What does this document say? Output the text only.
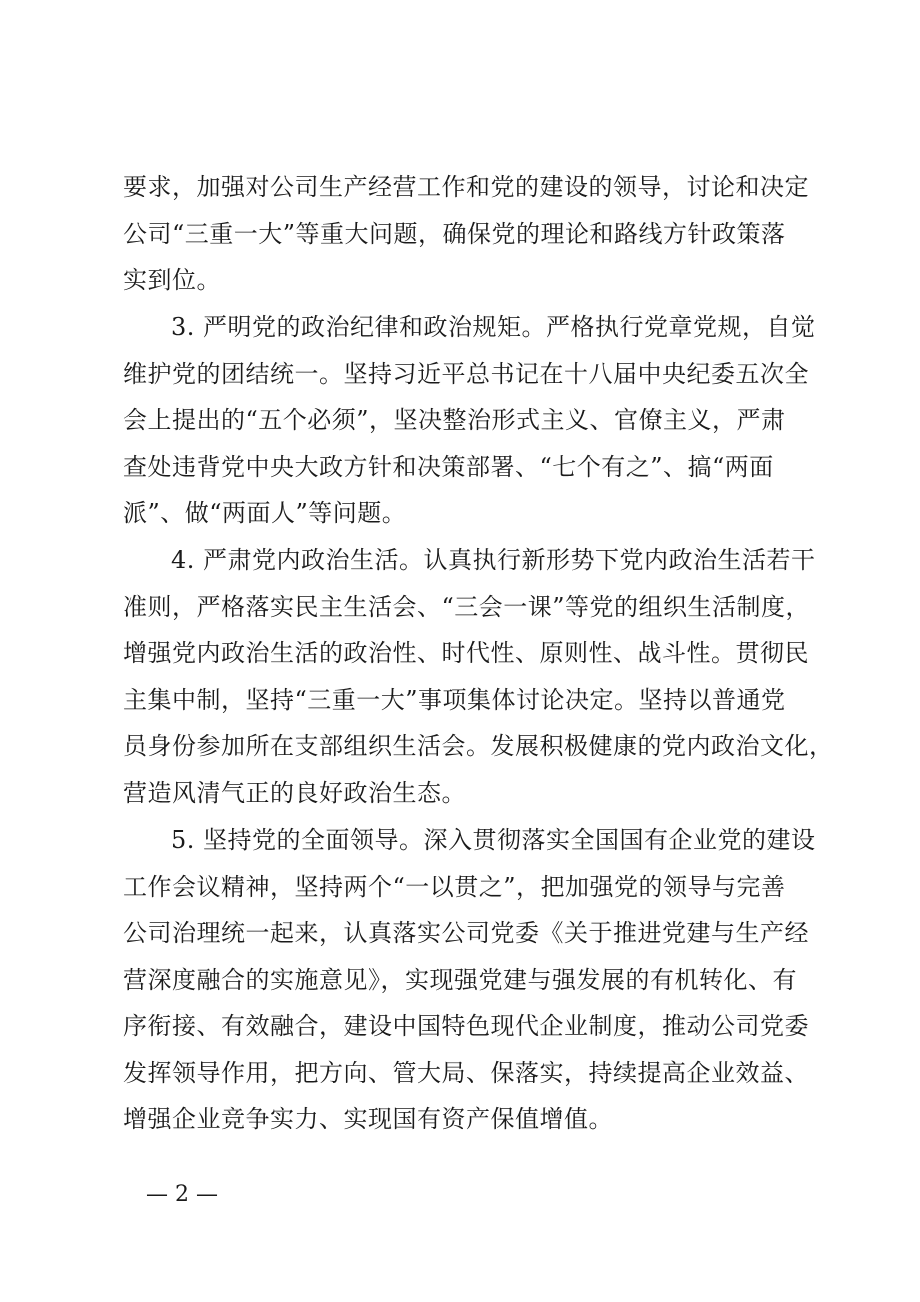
要求，加强对公司生产经营工作和党的建设的领导，讨论和决定
公司“三重一大”等重大问题，确保党的理论和路线方针政策落
实到位。
3. 严明党的政治纪律和政治规矩。严格执行党章党规，自觉
维护党的团结统一。坚持习近平总书记在十八届中央纪委五次全
会上提出的“五个必须”，坚决整治形式主义、官僚主义，严肃
查处违背党中央大政方针和决策部署、“七个有之”、搞“两面
派”、做“两面人”等问题。
4. 严肃党内政治生活。认真执行新形势下党内政治生活若干
准则，严格落实民主生活会、“三会一课”等党的组织生活制度，
增强党内政治生活的政治性、时代性、原则性、战斗性。贯彻民
主集中制，坚持“三重一大”事项集体讨论决定。坚持以普通党
员身份参加所在支部组织生活会。发展积极健康的党内政治文化，
营造风清气正的良好政治生态。
5. 坚持党的全面领导。深入贯彻落实全国国有企业党的建设
工作会议精神，坚持两个“一以贯之”，把加强党的领导与完善
公司治理统一起来，认真落实公司党委《关于推进党建与生产经
营深度融合的实施意见》，实现强党建与强发展的有机转化、有
序衔接、有效融合，建设中国特色现代企业制度，推动公司党委
发挥领导作用，把方向、管大局、保落实，持续提高企业效益、
增强企业竞争实力、实现国有资产保值增值。
— 2 —
